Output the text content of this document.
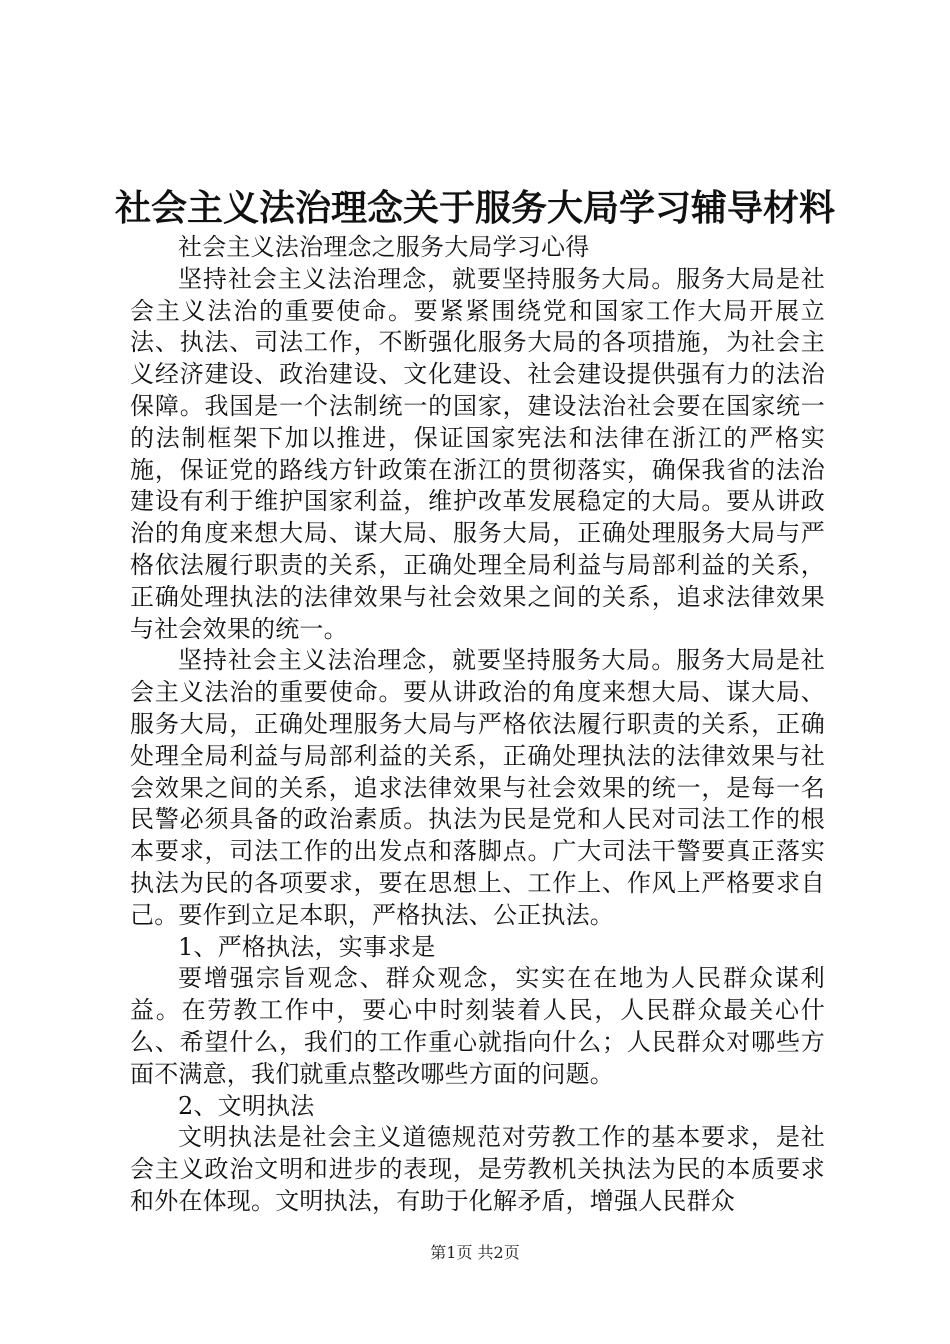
社会主义法治理念关于服务大局学习辅导材料

社会主义法治理念之服务大局学习心得

坚持社会主义法治理念，就要坚持服务大局。服务大局是社会主义法治的重要使命。要紧紧围绕党和国家工作大局开展立法、执法、司法工作，不断强化服务大局的各项措施，为社会主义经济建设、政治建设、文化建设、社会建设提供强有力的法治保障。我国是一个法制统一的国家，建设法治社会要在国家统一的法制框架下加以推进，保证国家宪法和法律在浙江的严格实施，保证党的路线方针政策在浙江的贯彻落实，确保我省的法治建设有利于维护国家利益，维护改革发展稳定的大局。要从讲政治的角度来想大局、谋大局、服务大局，正确处理服务大局与严格依法履行职责的关系，正确处理全局利益与局部利益的关系，正确处理执法的法律效果与社会效果之间的关系，追求法律效果与社会效果的统一。

坚持社会主义法治理念，就要坚持服务大局。服务大局是社会主义法治的重要使命。要从讲政治的角度来想大局、谋大局、服务大局，正确处理服务大局与严格依法履行职责的关系，正确处理全局利益与局部利益的关系，正确处理执法的法律效果与社会效果之间的关系，追求法律效果与社会效果的统一，是每一名民警必须具备的政治素质。执法为民是党和人民对司法工作的根本要求，司法工作的出发点和落脚点。广大司法干警要真正落实执法为民的各项要求，要在思想上、工作上、作风上严格要求自己。要作到立足本职，严格执法、公正执法。

1、严格执法，实事求是

要增强宗旨观念、群众观念，实实在在地为人民群众谋利益。在劳教工作中，要心中时刻装着人民，人民群众最关心什么、希望什么，我们的工作重心就指向什么；人民群众对哪些方面不满意，我们就重点整改哪些方面的问题。

2、文明执法

文明执法是社会主义道德规范对劳教工作的基本要求，是社会主义政治文明和进步的表现，是劳教机关执法为民的本质要求和外在体现。文明执法，有助于化解矛盾，增强人民群众

第1页 共2页
